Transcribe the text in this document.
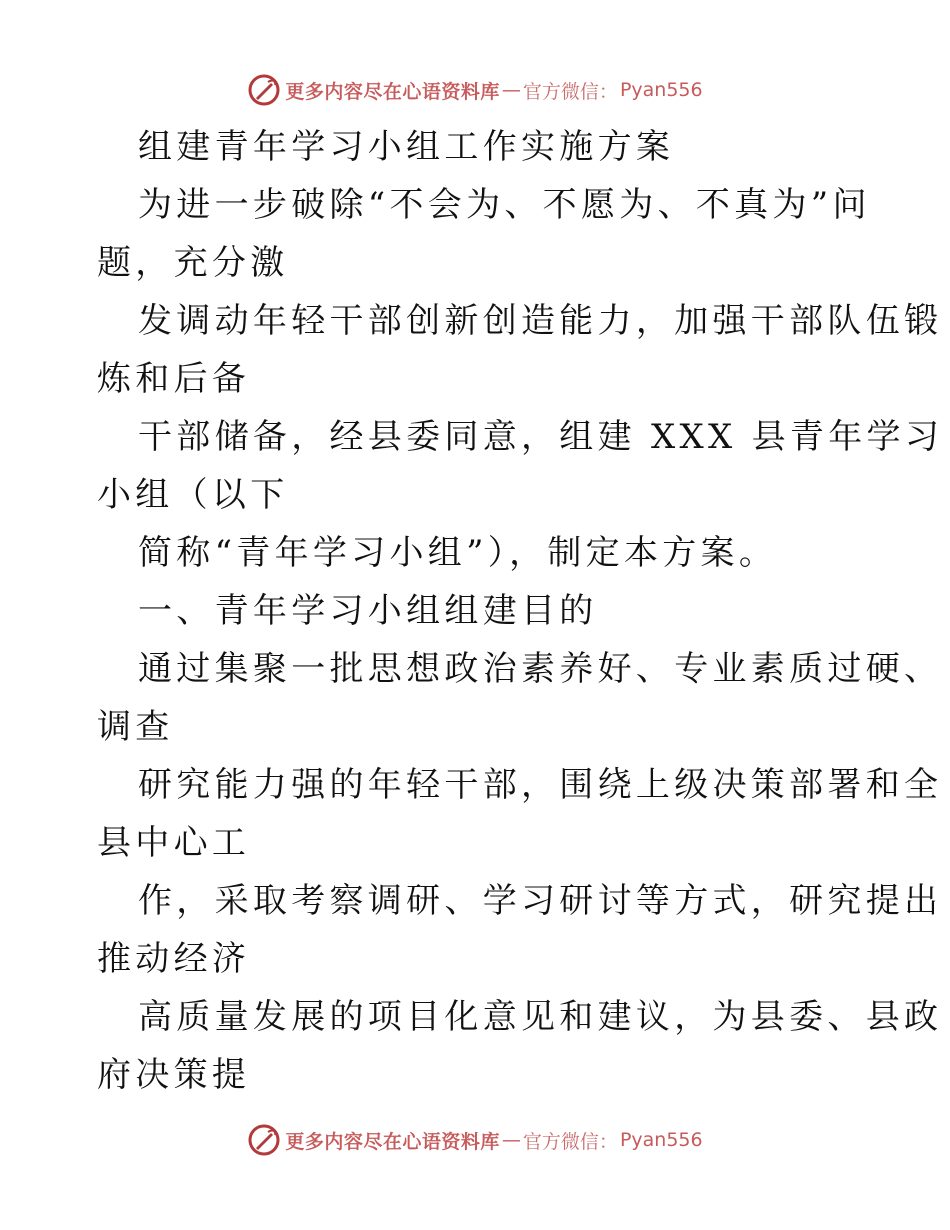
更多内容尽在心语资料库 — 官方微信： Pyan556
组建青年学习小组工作实施方案
为进一步破除“不会为、不愿为、不真为”问
题，充分激
发调动年轻干部创新创造能力，加强干部队伍锻
炼和后备
干部储备，经县委同意，组建 XXX 县青年学习
小组（以下
简称“青年学习小组”），制定本方案。
一、青年学习小组组建目的
通过集聚一批思想政治素养好、专业素质过硬、
调查
研究能力强的年轻干部，围绕上级决策部署和全
县中心工
作，采取考察调研、学习研讨等方式，研究提出
推动经济
高质量发展的项目化意见和建议，为县委、县政
府决策提
更多内容尽在心语资料库 — 官方微信： Pyan556
